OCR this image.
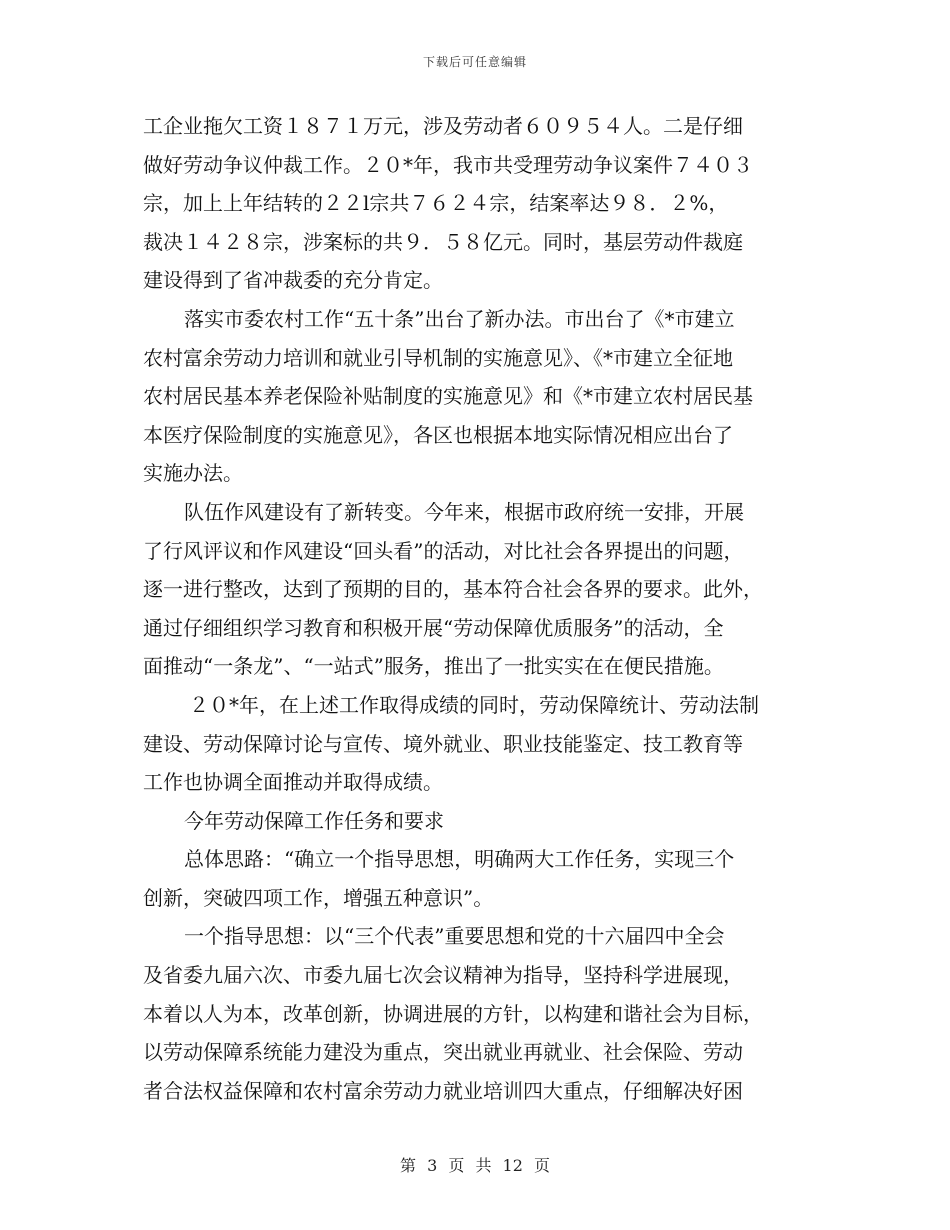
下载后可任意编辑
工企业拖欠工资１８７１万元，涉及劳动者６０９５４人。二是仔细
做好劳动争议仲裁工作。２０*年，我市共受理劳动争议案件７４０３
宗，加上上年结转的２２l宗共７６２４宗，结案率达９８．２%，
裁决１４２８宗，涉案标的共９．５８亿元。同时，基层劳动件裁庭
建设得到了省冲裁委的充分肯定。
落实市委农村工作“五十条”出台了新办法。市出台了《*市建立
农村富余劳动力培训和就业引导机制的实施意见》、《*市建立全征地
农村居民基本养老保险补贴制度的实施意见》和《*市建立农村居民基
本医疗保险制度的实施意见》，各区也根据本地实际情况相应出台了
实施办法。
队伍作风建设有了新转变。今年来，根据市政府统一安排，开展
了行风评议和作风建设“回头看”的活动，对比社会各界提出的问题，
逐一进行整改，达到了预期的目的，基本符合社会各界的要求。此外，
通过仔细组织学习教育和积极开展“劳动保障优质服务”的活动，全
面推动“一条龙”、“一站式”服务，推出了一批实实在在便民措施。
２０*年，在上述工作取得成绩的同时，劳动保障统计、劳动法制
建设、劳动保障讨论与宣传、境外就业、职业技能鉴定、技工教育等
工作也协调全面推动并取得成绩。
今年劳动保障工作任务和要求
总体思路：“确立一个指导思想，明确两大工作任务，实现三个
创新，突破四项工作，增强五种意识”。
一个指导思想：以“三个代表”重要思想和党的十六届四中全会
及省委九届六次、市委九届七次会议精神为指导，坚持科学进展现，
本着以人为本，改革创新，协调进展的方针，以构建和谐社会为目标，
以劳动保障系统能力建没为重点，突出就业再就业、社会保险、劳动
者合法权益保障和农村富余劳动力就业培训四大重点，仔细解决好困
第 3 页 共 12 页
